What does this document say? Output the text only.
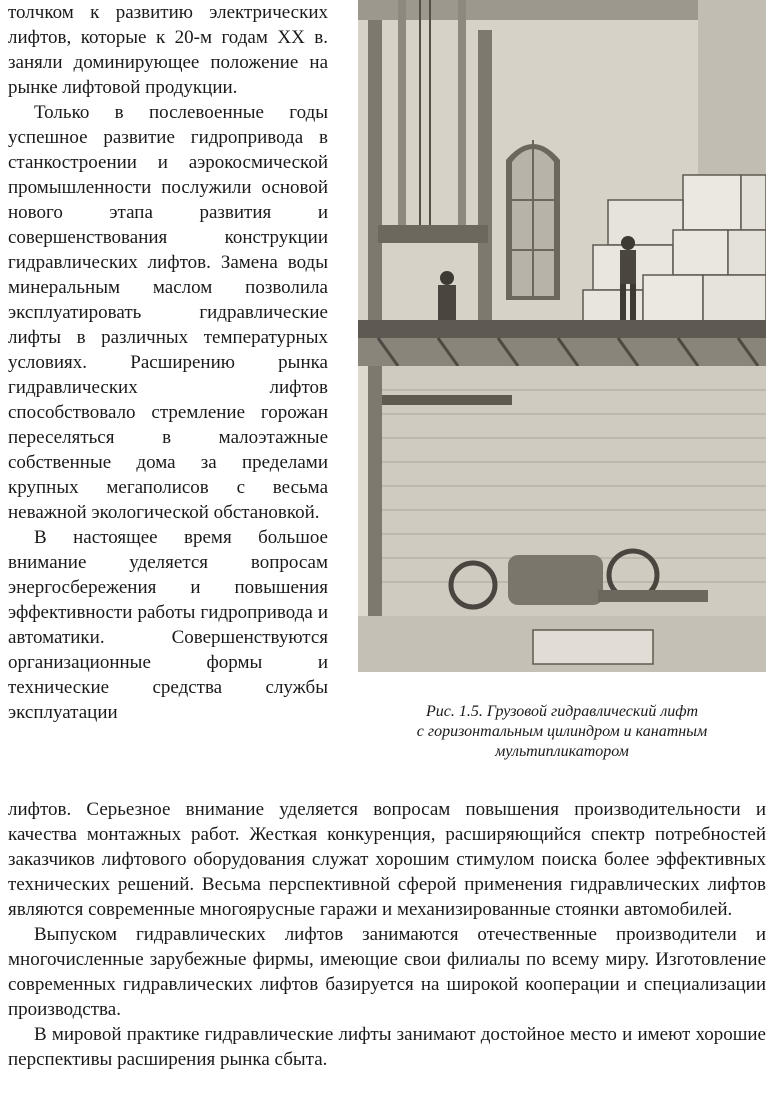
толчком к развитию электрических лифтов, которые к 20-м годам XX в. заняли доминирующее положение на рынке лифтовой продукции.

Только в послевоенные годы успешное развитие гидропривода в станкостроении и аэрокосмической промышленности послужили основой нового этапа развития и совершенствования конструкции гидравлических лифтов. Замена воды минеральным маслом позволила эксплуатировать гидравлические лифты в различных температурных условиях. Расширению рынка гидравлических лифтов способствовало стремление горожан переселяться в малоэтажные собственные дома за пределами крупных мегаполисов с весьма неважной экологической обстановкой.

В настоящее время большое внимание уделяется вопросам энергосбережения и повышения эффективности работы гидропривода и автоматики. Совершенствуются организационные формы и технические средства службы эксплуатации	Рис. 1.5. Грузовой гидравлический лифт
с горизонтальным цилиндром и канатным
мультипликатором

лифтов. Серьезное внимание уделяется вопросам повышения производительности и качества монтажных работ. Жесткая конкуренция, расширяющийся спектр потребностей заказчиков лифтового оборудования служат хорошим стимулом поиска более эффективных технических решений. Весьма перспективной сферой применения гидравлических лифтов являются современные многоярусные гаражи и механизированные стоянки автомобилей.

Выпуском гидравлических лифтов занимаются отечественные производители и многочисленные зарубежные фирмы, имеющие свои филиалы по всему миру. Изготовление современных гидравлических лифтов базируется на широкой кооперации и специализации производства.

В мировой практике гидравлические лифты занимают достойное место и имеют хорошие перспективы расширения рынка сбыта.
